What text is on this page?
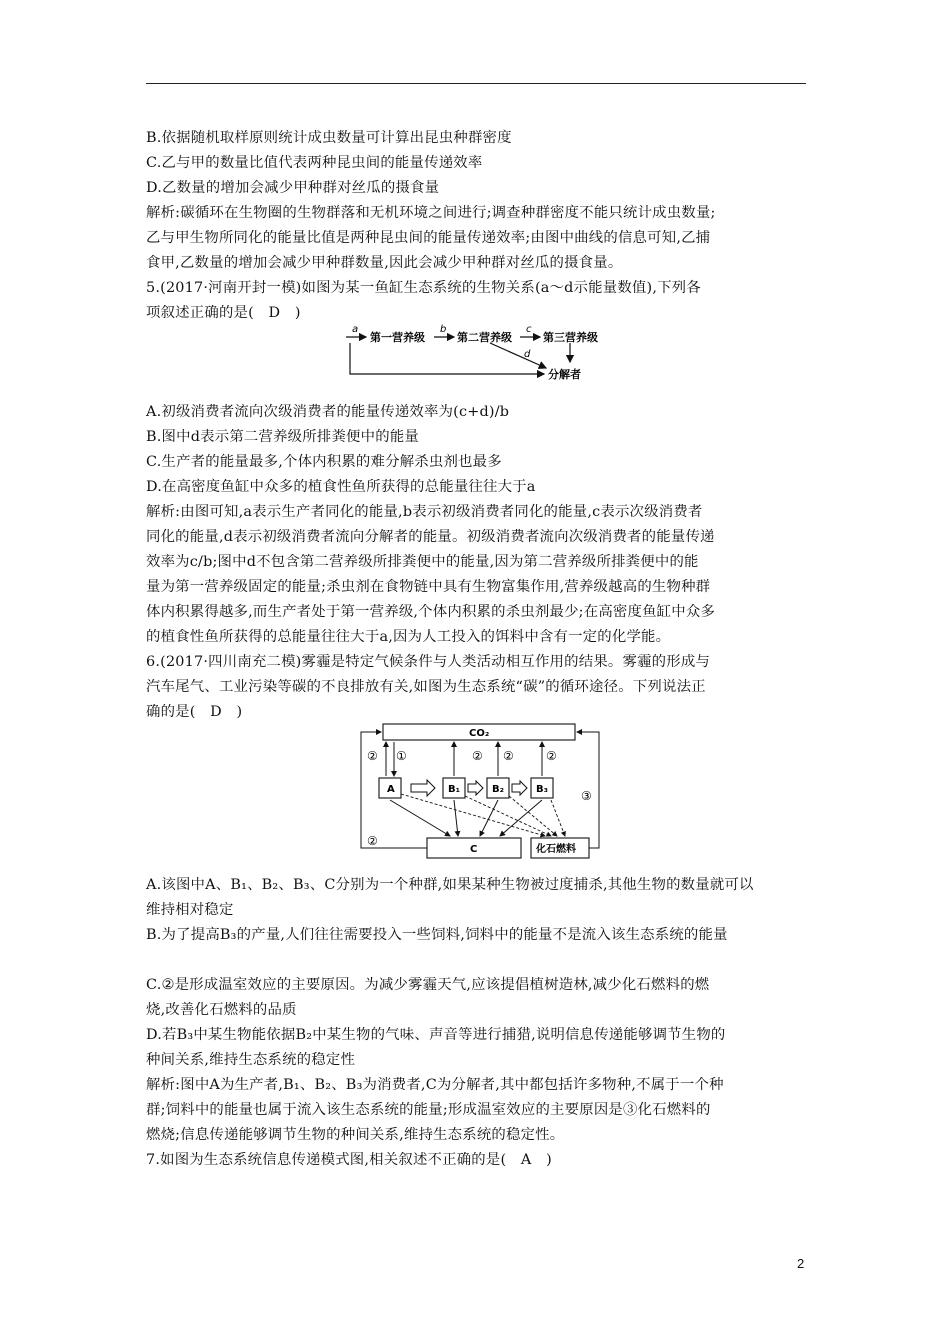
B.依据随机取样原则统计成虫数量可计算出昆虫种群密度
C.乙与甲的数量比值代表两种昆虫间的能量传递效率
D.乙数量的增加会减少甲种群对丝瓜的摄食量
解析:碳循环在生物圈的生物群落和无机环境之间进行;调查种群密度不能只统计成虫数量;
乙与甲生物所同化的能量比值是两种昆虫间的能量传递效率;由图中曲线的信息可知,乙捕
食甲,乙数量的增加会减少甲种群数量,因此会减少甲种群对丝瓜的摄食量。
5.(2017·河南开封一模)如图为某一鱼缸生态系统的生物关系(a～d示能量数值),下列各
项叙述正确的是(　D　)
a	b	c
d
第一营养级	第二营养级	第三营养级
分解者
A.初级消费者流向次级消费者的能量传递效率为(c+d)/b
B.图中d表示第二营养级所排粪便中的能量
C.生产者的能量最多,个体内积累的难分解杀虫剂也最多
D.在高密度鱼缸中众多的植食性鱼所获得的总能量往往大于a
解析:由图可知,a表示生产者同化的能量,b表示初级消费者同化的能量,c表示次级消费者
同化的能量,d表示初级消费者流向分解者的能量。初级消费者流向次级消费者的能量传递
效率为c/b;图中d不包含第二营养级所排粪便中的能量,因为第二营养级所排粪便中的能
量为第一营养级固定的能量;杀虫剂在食物链中具有生物富集作用,营养级越高的生物种群
体内积累得越多,而生产者处于第一营养级,个体内积累的杀虫剂最少;在高密度鱼缸中众多
的植食性鱼所获得的总能量往往大于a,因为人工投入的饵料中含有一定的化学能。
6.(2017·四川南充二模)雾霾是特定气候条件与人类活动相互作用的结果。雾霾的形成与
汽车尾气、工业污染等碳的不良排放有关,如图为生态系统“碳”的循环途径。下列说法正
确的是(　D　)
CO₂
A	B₁	B₂	B₃
C	化石燃料
② ①	② ②	②
③
②
A.该图中A、B₁、B₂、B₃、C分别为一个种群,如果某种生物被过度捕杀,其他生物的数量就可以
维持相对稳定
B.为了提高B₃的产量,人们往往需要投入一些饲料,饲料中的能量不是流入该生态系统的能量
C.②是形成温室效应的主要原因。为减少雾霾天气,应该提倡植树造林,减少化石燃料的燃
烧,改善化石燃料的品质
D.若B₃中某生物能依据B₂中某生物的气味、声音等进行捕猎,说明信息传递能够调节生物的
种间关系,维持生态系统的稳定性
解析:图中A为生产者,B₁、B₂、B₃为消费者,C为分解者,其中都包括许多物种,不属于一个种
群;饲料中的能量也属于流入该生态系统的能量;形成温室效应的主要原因是③化石燃料的
燃烧;信息传递能够调节生物的种间关系,维持生态系统的稳定性。
7.如图为生态系统信息传递模式图,相关叙述不正确的是(　A　)
2
